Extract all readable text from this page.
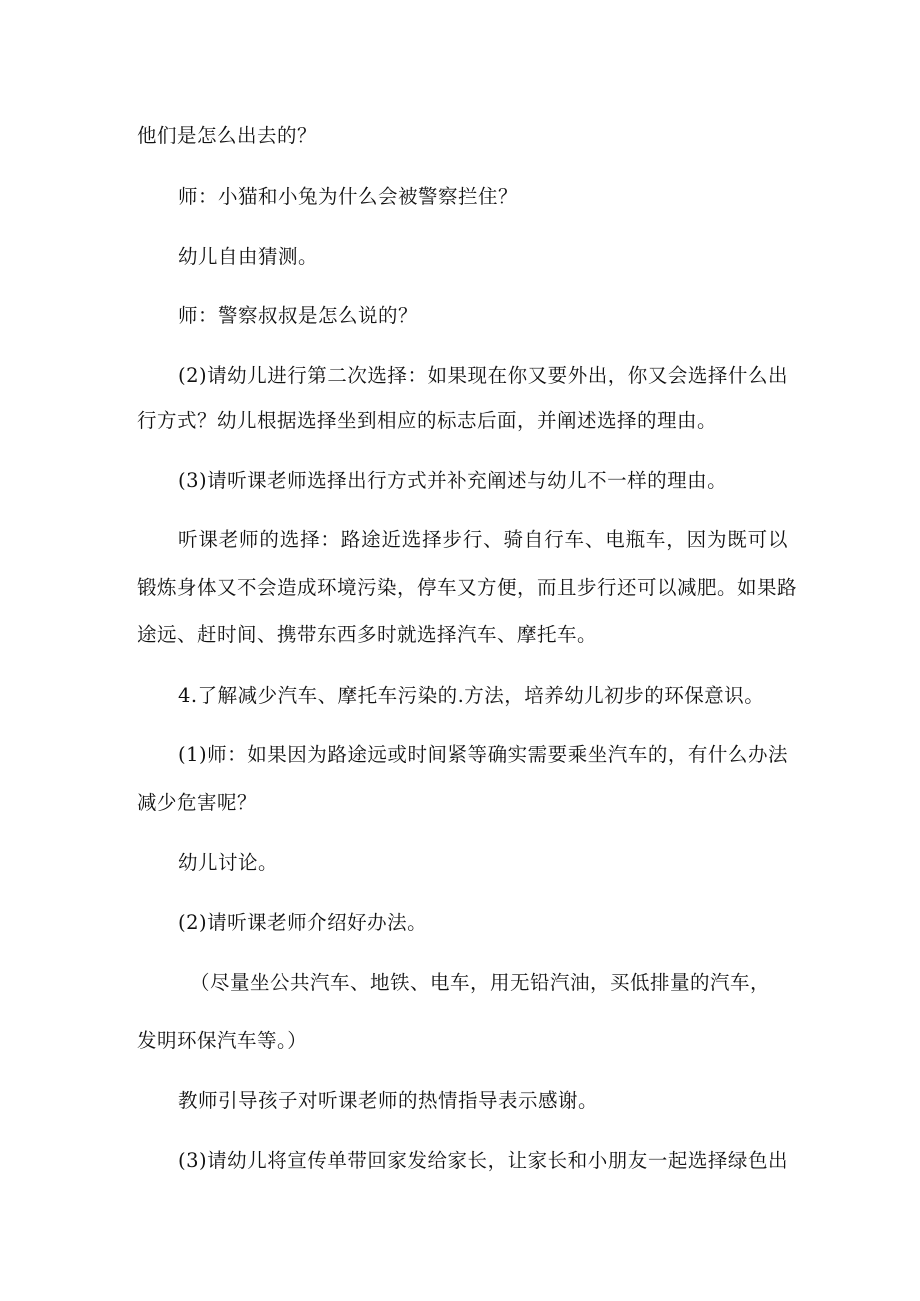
他们是怎么出去的？
师：小猫和小兔为什么会被警察拦住？
幼儿自由猜测。
师：警察叔叔是怎么说的？
(2)请幼儿进行第二次选择：如果现在你又要外出，你又会选择什么出
行方式？幼儿根据选择坐到相应的标志后面，并阐述选择的理由。
(3)请听课老师选择出行方式并补充阐述与幼儿不一样的理由。
听课老师的选择：路途近选择步行、骑自行车、电瓶车，因为既可以
锻炼身体又不会造成环境污染，停车又方便，而且步行还可以减肥。如果路
途远、赶时间、携带东西多时就选择汽车、摩托车。
4.了解减少汽车、摩托车污染的.方法，培养幼儿初步的环保意识。
(1)师：如果因为路途远或时间紧等确实需要乘坐汽车的，有什么办法
减少危害呢？
幼儿讨论。
(2)请听课老师介绍好办法。
（尽量坐公共汽车、地铁、电车，用无铅汽油，买低排量的汽车，
发明环保汽车等。）
教师引导孩子对听课老师的热情指导表示感谢。
(3)请幼儿将宣传单带回家发给家长，让家长和小朋友一起选择绿色出
